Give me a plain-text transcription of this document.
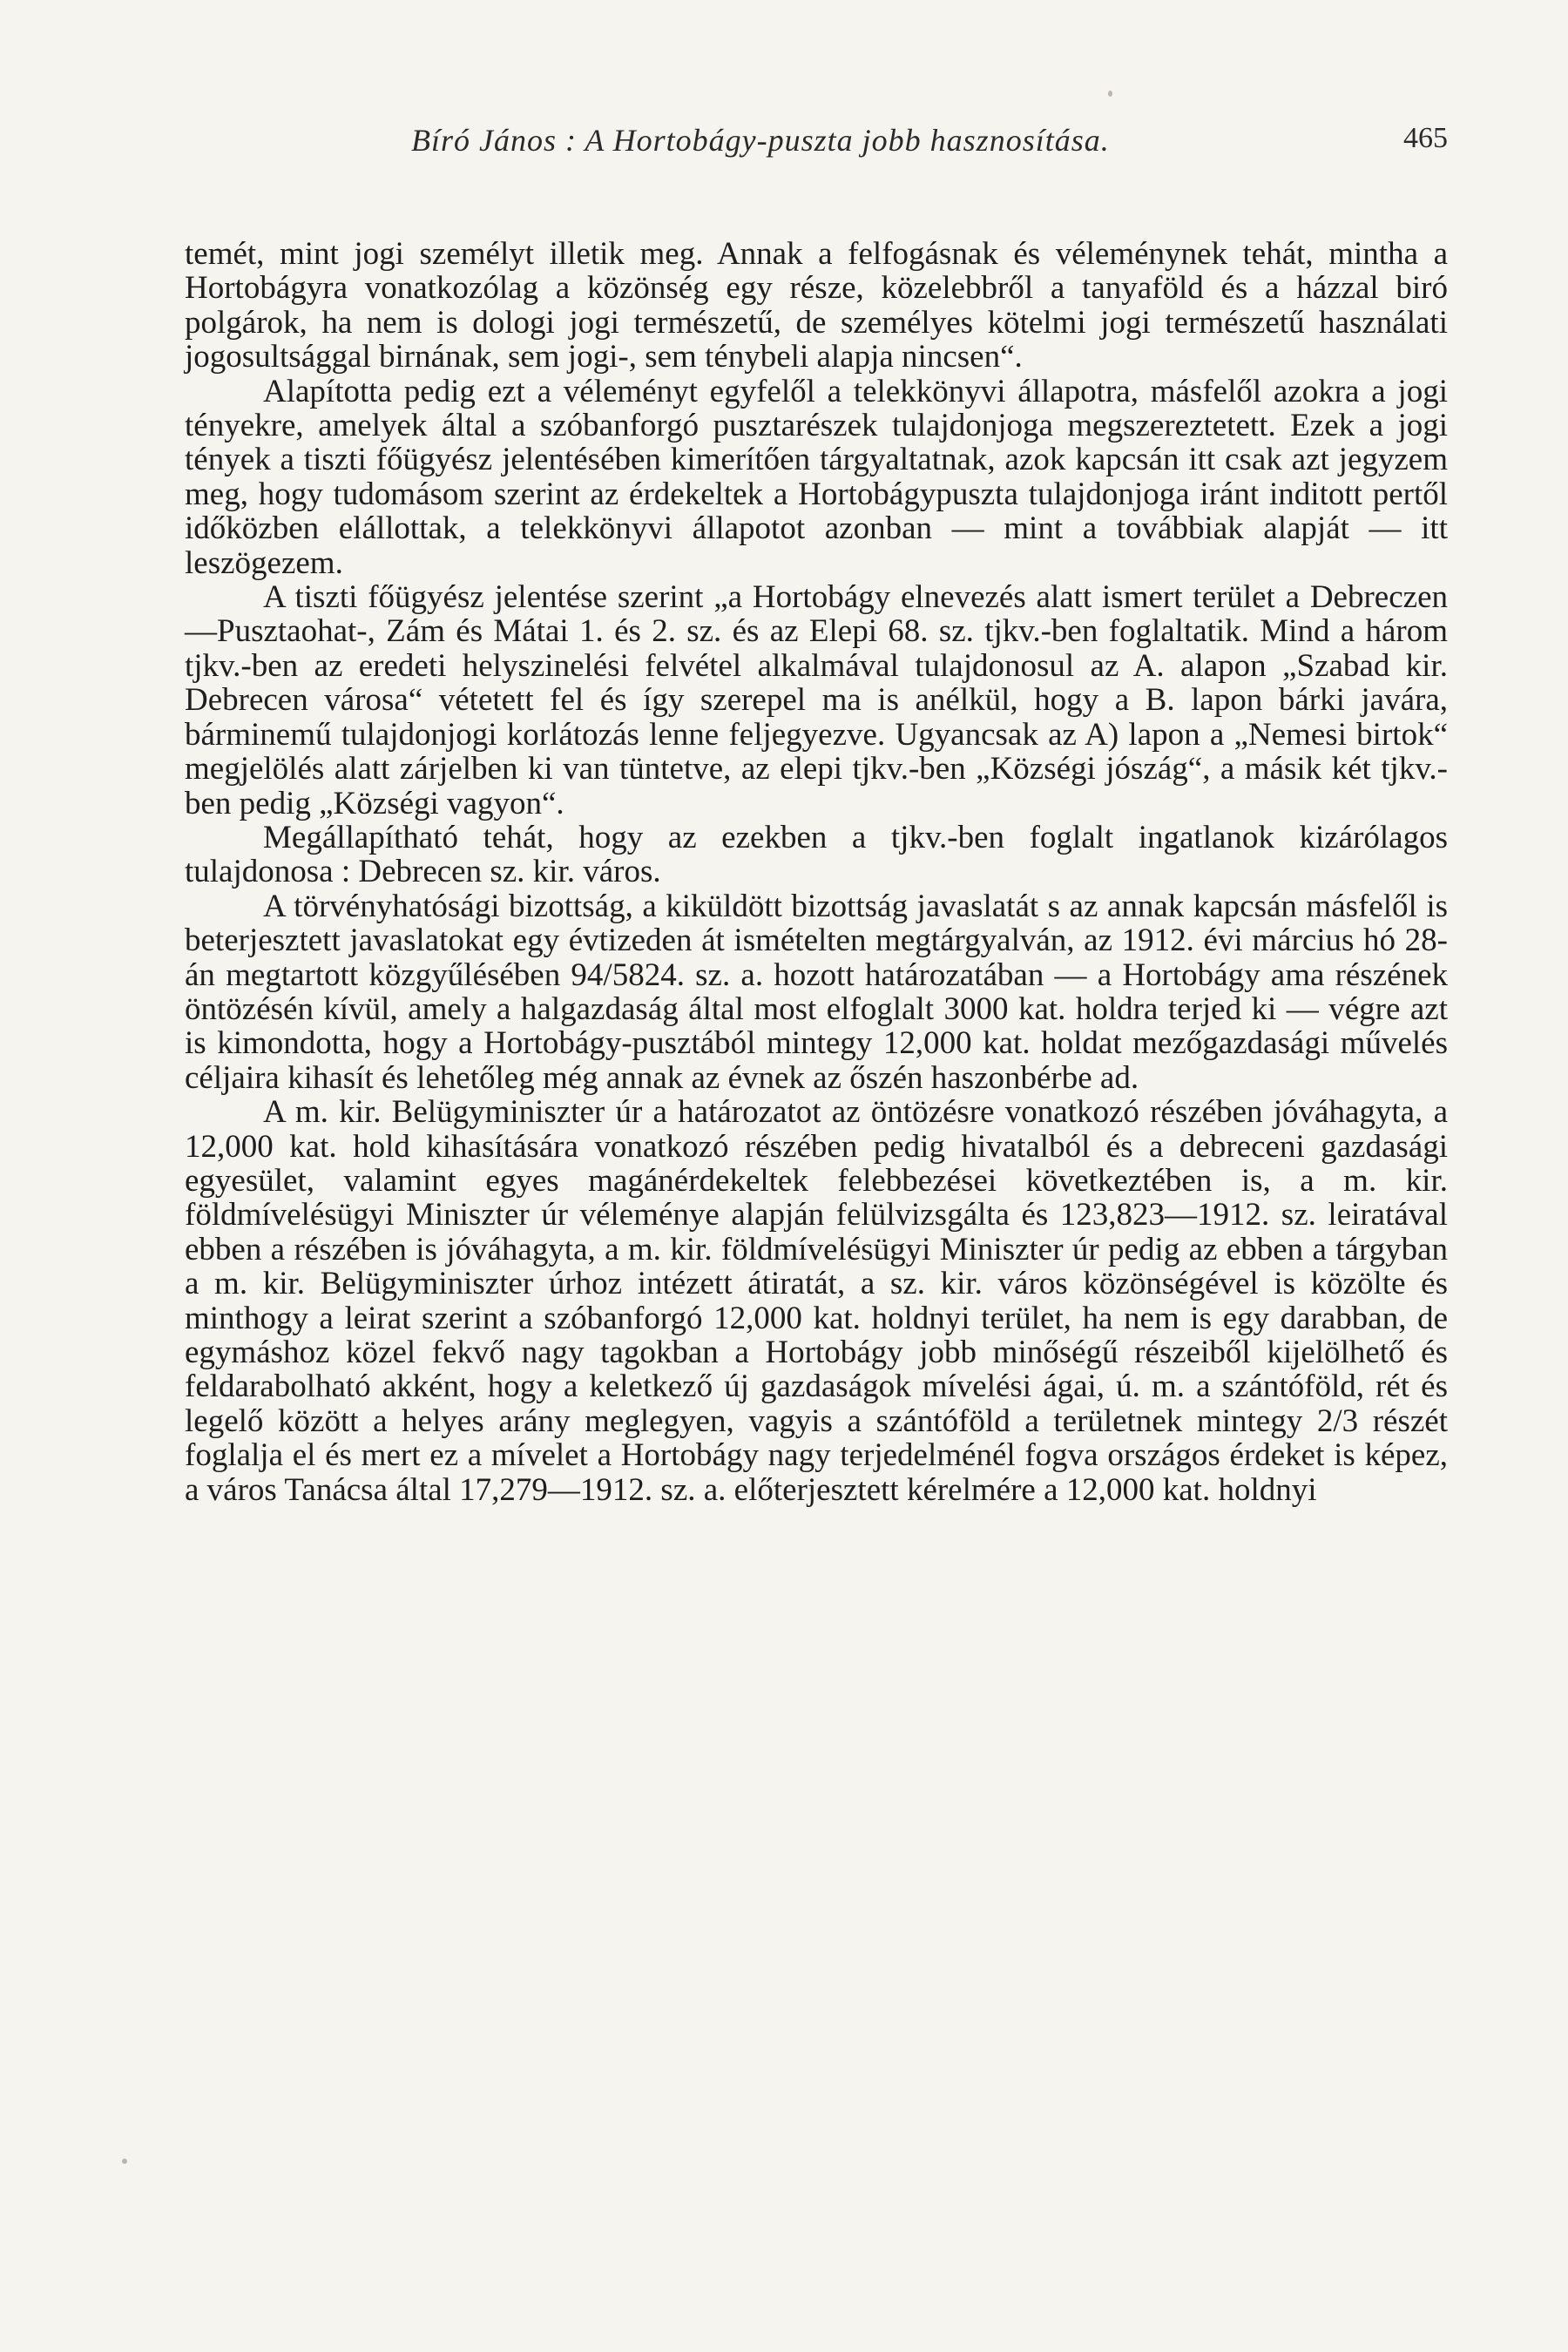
Bíró János : A Hortobágy-puszta jobb hasznosítása.	465

temét, mint jogi személyt illetik meg. Annak a felfogásnak és véleménynek tehát, mintha a Hortobágyra vonatkozólag a közönség egy része, közelebbről a tanyaföld és a házzal biró polgárok, ha nem is dologi jogi természetű, de személyes kötelmi jogi természetű használati jogosultsággal birnának, sem jogi-, sem ténybeli alapja nincsen“.

Alapította pedig ezt a véleményt egyfelől a telekkönyvi állapotra, másfelől azokra a jogi tényekre, amelyek által a szóbanforgó pusztarészek tulajdonjoga megszereztetett. Ezek a jogi tények a tiszti főügyész jelentésében kimerítően tárgyaltatnak, azok kapcsán itt csak azt jegyzem meg, hogy tudomásom szerint az érdekeltek a Hortobágypuszta tulajdonjoga iránt inditott pertől időközben elállottak, a telekkönyvi állapotot azonban — mint a továbbiak alapját — itt leszögezem.

A tiszti főügyész jelentése szerint „a Hortobágy elnevezés alatt ismert terület a Debreczen—Pusztaohat-, Zám és Mátai 1. és 2. sz. és az Elepi 68. sz. tjkv.-ben foglaltatik. Mind a három tjkv.-ben az eredeti helyszinelési felvétel alkalmával tulajdonosul az A. alapon „Szabad kir. Debrecen városa“ vétetett fel és így szerepel ma is anélkül, hogy a B. lapon bárki javára, bárminemű tulajdonjogi korlátozás lenne feljegyezve. Ugyancsak az A) lapon a „Nemesi birtok“ megjelölés alatt zárjelben ki van tüntetve, az elepi tjkv.-ben „Községi jószág“, a másik két tjkv.-ben pedig „Községi vagyon“.

Megállapítható tehát, hogy az ezekben a tjkv.-ben foglalt ingatlanok kizárólagos tulajdonosa : Debrecen sz. kir. város.

A törvényhatósági bizottság, a kiküldött bizottság javaslatát s az annak kapcsán másfelől is beterjesztett javaslatokat egy évtizeden át ismételten megtárgyalván, az 1912. évi március hó 28-án megtartott közgyűlésében 94/5824. sz. a. hozott határozatában — a Hortobágy ama részének öntözésén kívül, amely a halgazdaság által most elfoglalt 3000 kat. holdra terjed ki — végre azt is kimondotta, hogy a Hortobágy-pusztából mintegy 12,000 kat. holdat mezőgazdasági művelés céljaira kihasít és lehetőleg még annak az évnek az őszén haszonbérbe ad.

A m. kir. Belügyminiszter úr a határozatot az öntözésre vonatkozó részében jóváhagyta, a 12,000 kat. hold kihasítására vonatkozó részében pedig hivatalból és a debreceni gazdasági egyesület, valamint egyes magánérdekeltek felebbezései következtében is, a m. kir. földmívelésügyi Miniszter úr véleménye alapján felülvizsgálta és 123,823—1912. sz. leiratával ebben a részében is jóváhagyta, a m. kir. földmívelésügyi Miniszter úr pedig az ebben a tárgyban a m. kir. Belügyminiszter úrhoz intézett átiratát, a sz. kir. város közönségével is közölte és minthogy a leirat szerint a szóbanforgó 12,000 kat. holdnyi terület, ha nem is egy darabban, de egymáshoz közel fekvő nagy tagokban a Hortobágy jobb minőségű részeiből kijelölhető és feldarabolható akként, hogy a keletkező új gazdaságok mívelési ágai, ú. m. a szántóföld, rét és legelő között a helyes arány meglegyen, vagyis a szántóföld a területnek mintegy 2/3 részét foglalja el és mert ez a mívelet a Hortobágy nagy terjedelménél fogva országos érdeket is képez, a város Tanácsa által 17,279—1912. sz. a. előterjesztett kérelmére a 12,000 kat. holdnyi
